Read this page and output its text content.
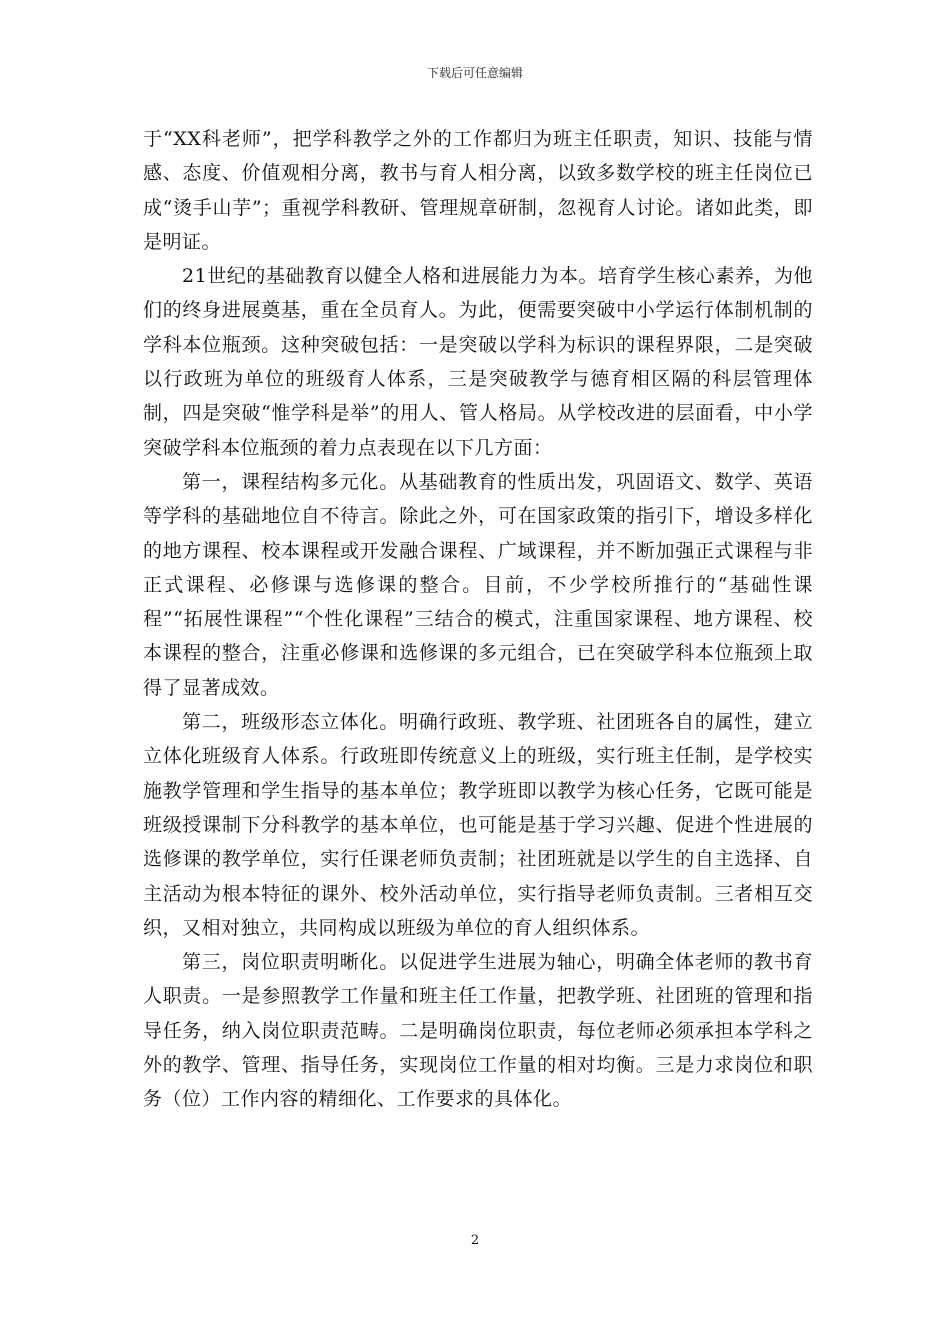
下载后可任意编辑

于“XX科老师”，把学科教学之外的工作都归为班主任职责，知识、技能与情感、态度、价值观相分离，教书与育人相分离，以致多数学校的班主任岗位已成“烫手山芋”；重视学科教研、管理规章研制，忽视育人讨论。诸如此类，即是明证。

21世纪的基础教育以健全人格和进展能力为本。培育学生核心素养，为他们的终身进展奠基，重在全员育人。为此，便需要突破中小学运行体制机制的学科本位瓶颈。这种突破包括：一是突破以学科为标识的课程界限，二是突破以行政班为单位的班级育人体系，三是突破教学与德育相区隔的科层管理体制，四是突破“惟学科是举”的用人、管人格局。从学校改进的层面看，中小学突破学科本位瓶颈的着力点表现在以下几方面：

第一，课程结构多元化。从基础教育的性质出发，巩固语文、数学、英语等学科的基础地位自不待言。除此之外，可在国家政策的指引下，增设多样化的地方课程、校本课程或开发融合课程、广域课程，并不断加强正式课程与非正式课程、必修课与选修课的整合。目前，不少学校所推行的“基础性课程”“拓展性课程”“个性化课程”三结合的模式，注重国家课程、地方课程、校本课程的整合，注重必修课和选修课的多元组合，已在突破学科本位瓶颈上取得了显著成效。

第二，班级形态立体化。明确行政班、教学班、社团班各自的属性，建立立体化班级育人体系。行政班即传统意义上的班级，实行班主任制，是学校实施教学管理和学生指导的基本单位；教学班即以教学为核心任务，它既可能是班级授课制下分科教学的基本单位，也可能是基于学习兴趣、促进个性进展的选修课的教学单位，实行任课老师负责制；社团班就是以学生的自主选择、自主活动为根本特征的课外、校外活动单位，实行指导老师负责制。三者相互交织，又相对独立，共同构成以班级为单位的育人组织体系。

第三，岗位职责明晰化。以促进学生进展为轴心，明确全体老师的教书育人职责。一是参照教学工作量和班主任工作量，把教学班、社团班的管理和指导任务，纳入岗位职责范畴。二是明确岗位职责，每位老师必须承担本学科之外的教学、管理、指导任务，实现岗位工作量的相对均衡。三是力求岗位和职务（位）工作内容的精细化、工作要求的具体化。

2
